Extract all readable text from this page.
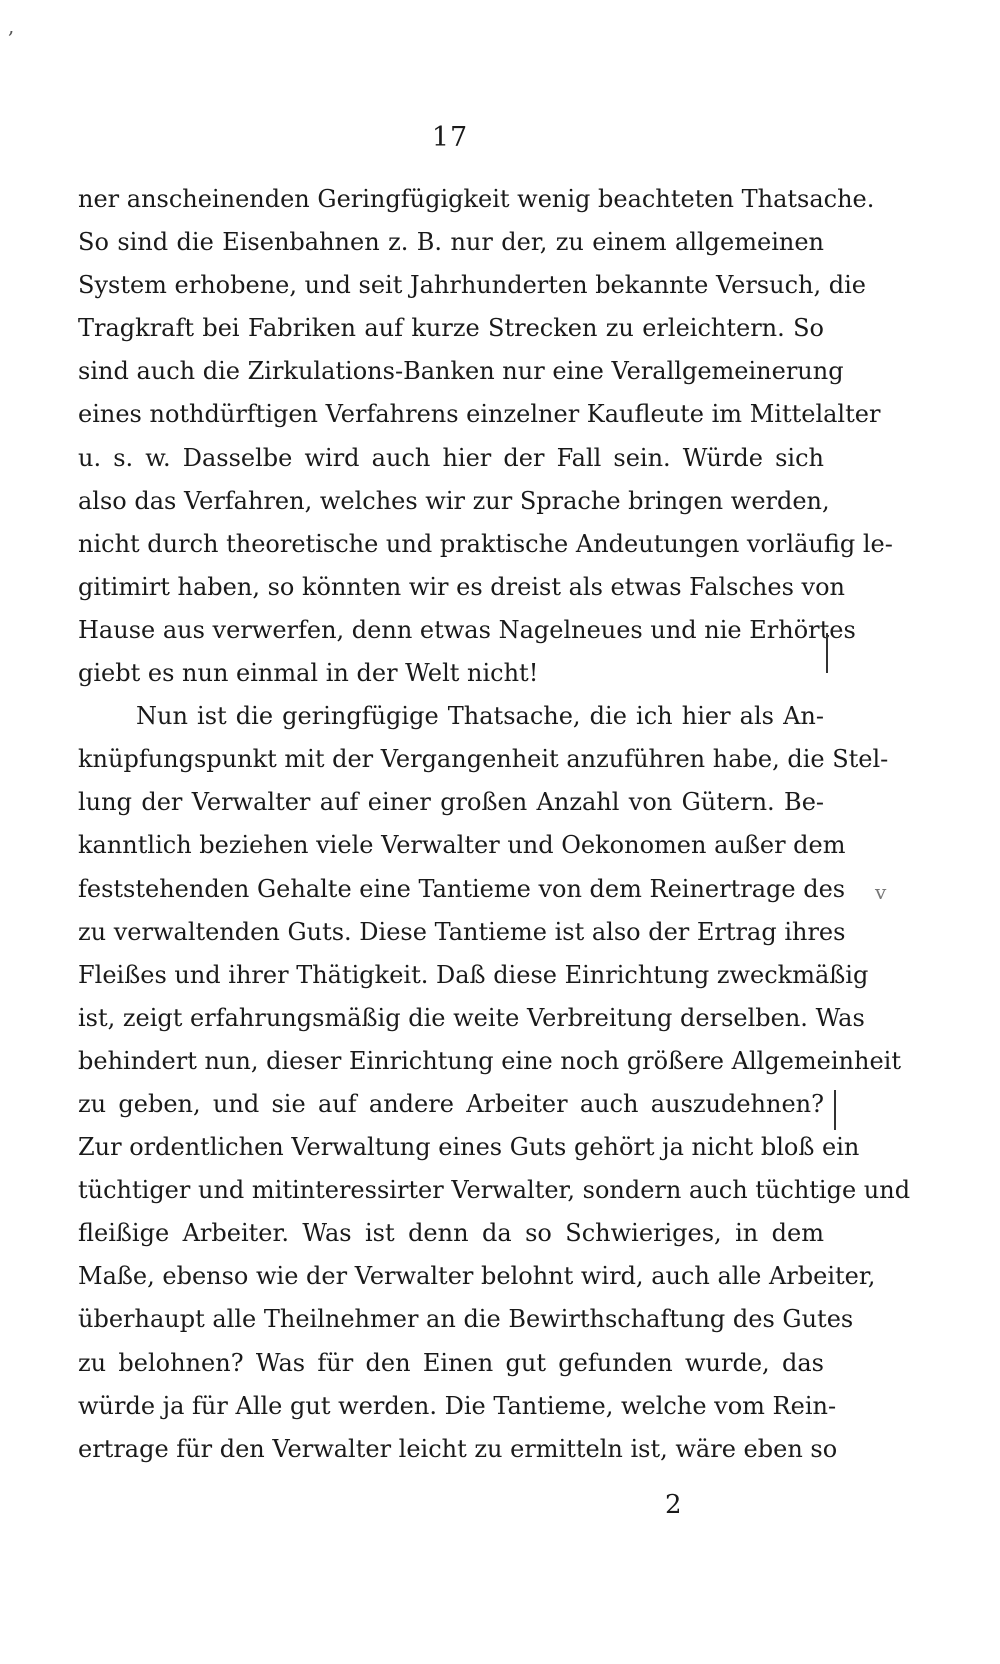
,
17
ner anscheinenden Geringfügigkeit wenig beachteten Thatsache.
So sind die Eisenbahnen z. B. nur der, zu einem allgemeinen
System erhobene, und seit Jahrhunderten bekannte Versuch, die
Tragkraft bei Fabriken auf kurze Strecken zu erleichtern. So
sind auch die Zirkulations-Banken nur eine Verallgemeinerung
eines nothdürftigen Verfahrens einzelner Kaufleute im Mittelalter
u. s. w. Dasselbe wird auch hier der Fall sein. Würde sich
also das Verfahren, welches wir zur Sprache bringen werden,
nicht durch theoretische und praktische Andeutungen vorläufig le-
gitimirt haben, so könnten wir es dreist als etwas Falsches von
Hause aus verwerfen, denn etwas Nagelneues und nie Erhörtes
giebt es nun einmal in der Welt nicht!
Nun ist die geringfügige Thatsache, die ich hier als An-
knüpfungspunkt mit der Vergangenheit anzuführen habe, die Stel-
lung der Verwalter auf einer großen Anzahl von Gütern. Be-
kanntlich beziehen viele Verwalter und Oekonomen außer dem
feststehenden Gehalte eine Tantieme von dem Reinertrage des
zu verwaltenden Guts. Diese Tantieme ist also der Ertrag ihres
Fleißes und ihrer Thätigkeit. Daß diese Einrichtung zweckmäßig
ist, zeigt erfahrungsmäßig die weite Verbreitung derselben. Was
behindert nun, dieser Einrichtung eine noch größere Allgemeinheit
zu geben, und sie auf andere Arbeiter auch auszudehnen?
Zur ordentlichen Verwaltung eines Guts gehört ja nicht bloß ein
tüchtiger und mitinteressirter Verwalter, sondern auch tüchtige und
fleißige Arbeiter. Was ist denn da so Schwieriges, in dem
Maße, ebenso wie der Verwalter belohnt wird, auch alle Arbeiter,
überhaupt alle Theilnehmer an die Bewirthschaftung des Gutes
zu belohnen? Was für den Einen gut gefunden wurde, das
würde ja für Alle gut werden. Die Tantieme, welche vom Rein-
ertrage für den Verwalter leicht zu ermitteln ist, wäre eben so
v
2
